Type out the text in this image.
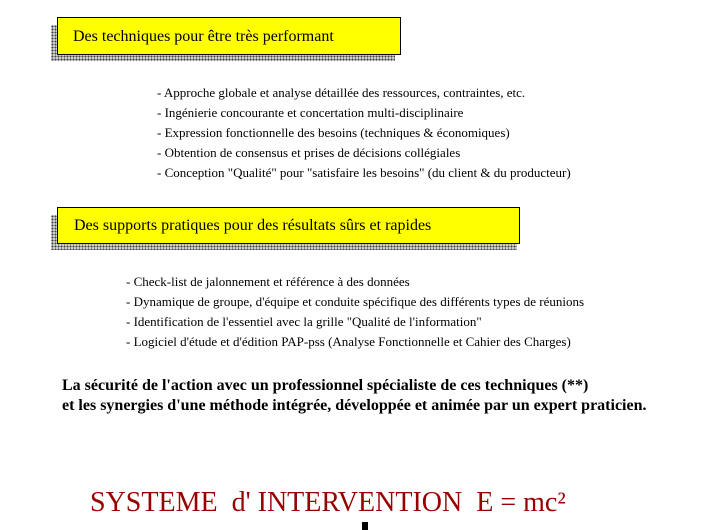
Des techniques pour être très performant
- Approche globale et analyse détaillée des ressources, contraintes, etc.
- Ingénierie concourante et concertation multi-disciplinaire
- Expression fonctionnelle des besoins (techniques & économiques)
- Obtention de consensus et prises de décisions collégiales
- Conception "Qualité" pour "satisfaire les besoins" (du client & du producteur)
Des supports pratiques pour des résultats sûrs et rapides
- Check-list de jalonnement et référence à des données
- Dynamique de groupe, d'équipe et conduite spécifique des différents types de réunions
- Identification de l'essentiel avec la grille "Qualité de l'information"
- Logiciel d'étude et d'édition PAP-pss (Analyse Fonctionnelle et Cahier des Charges)
La sécurité de l'action avec un professionnel spécialiste de ces techniques (**)
et les synergies d'une méthode intégrée, développée et animée par un expert praticien.
SYSTEME  d' INTERVENTION  E = mc²
